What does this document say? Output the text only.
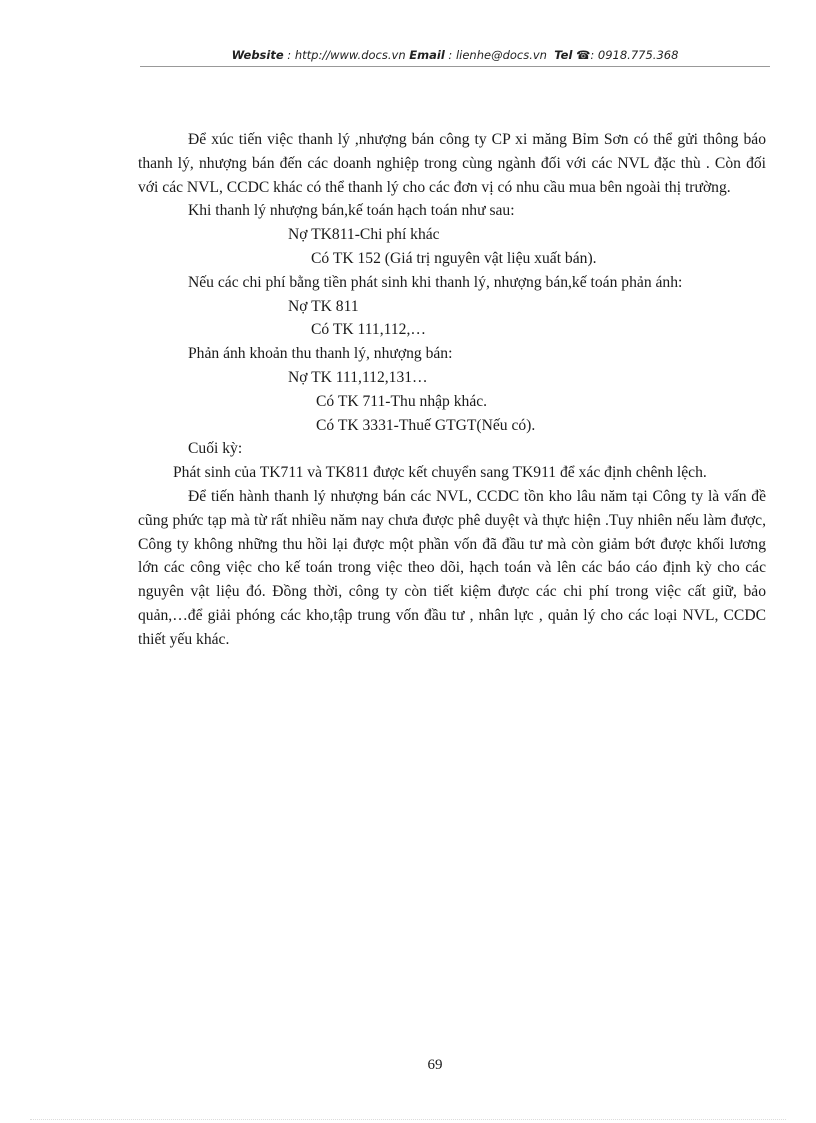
Website : http://www.docs.vn Email : lienhe@docs.vn Tel ☎: 0918.775.368

Để xúc tiến việc thanh lý ,nhượng bán công ty CP xi măng Bỉm Sơn có thể gửi thông báo thanh lý, nhượng bán đến các doanh nghiệp trong cùng ngành đối với các NVL đặc thù . Còn đối với các NVL, CCDC khác có thể thanh lý cho các đơn vị có nhu cầu mua bên ngoài thị trường.

Khi thanh lý nhượng bán,kế toán hạch toán như sau:

Nợ TK811-Chi phí khác

Có TK 152 (Giá trị nguyên vật liệu xuất bán).

Nếu các chi phí bằng tiền phát sinh khi thanh lý, nhượng bán,kế toán phản ánh:

Nợ TK 811

Có TK 111,112,…

Phản ánh khoản thu thanh lý, nhượng bán:

Nợ TK 111,112,131…

Có TK 711-Thu nhập khác.

Có TK 3331-Thuế GTGT(Nếu có).

Cuối kỳ:

Phát sinh của TK711 và TK811 được kết chuyển sang TK911 để xác định chênh lệch.

Để tiến hành thanh lý nhượng bán các NVL, CCDC tồn kho lâu năm tại Công ty là vấn đề cũng phức tạp mà từ rất nhiều năm nay chưa được phê duyệt và thực hiện .Tuy nhiên nếu làm được, Công ty không những thu hồi lại được một phần vốn đã đầu tư mà còn giảm bớt được khối lương lớn các công việc cho kế toán trong việc theo dõi, hạch toán và lên các báo cáo định kỳ cho các nguyên vật liệu đó. Đồng thời, công ty còn tiết kiệm được các chi phí trong việc cất giữ, bảo quản,…để giải phóng các kho,tập trung vốn đầu tư , nhân lực , quản lý cho các loại NVL, CCDC thiết yếu khác.

69
